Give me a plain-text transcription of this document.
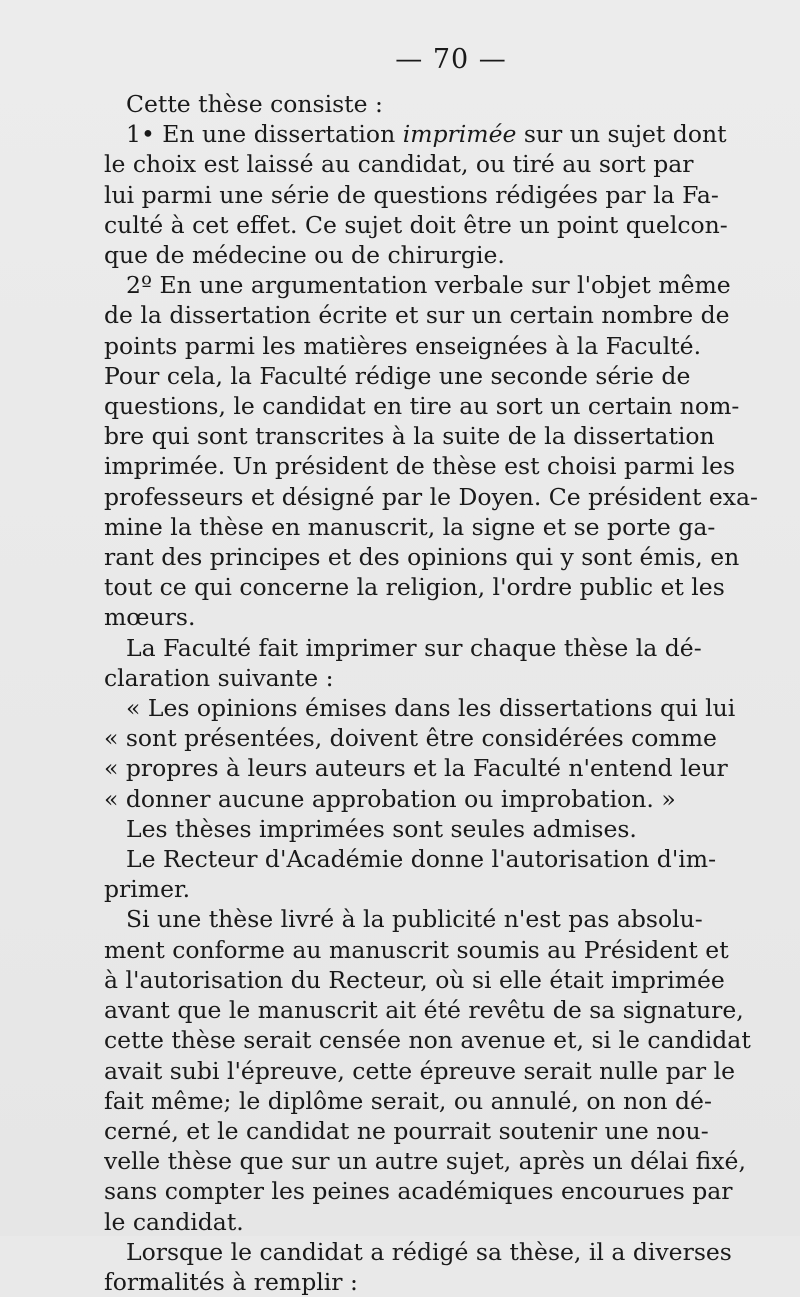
— 70 —
Cette thèse consiste :
1• En une dissertation imprimée sur un sujet dont
le choix est laissé au candidat, ou tiré au sort par
lui parmi une série de questions rédigées par la Fa-
culté à cet effet. Ce sujet doit être un point quelcon-
que de médecine ou de chirurgie.
2º En une argumentation verbale sur l'objet même
de la dissertation écrite et sur un certain nombre de
points parmi les matières enseignées à la Faculté.
Pour cela, la Faculté rédige une seconde série de
questions, le candidat en tire au sort un certain nom-
bre qui sont transcrites à la suite de la dissertation
imprimée. Un président de thèse est choisi parmi les
professeurs et désigné par le Doyen. Ce président exa-
mine la thèse en manuscrit, la signe et se porte ga-
rant des principes et des opinions qui y sont émis, en
tout ce qui concerne la religion, l'ordre public et les
mœurs.
La Faculté fait imprimer sur chaque thèse la dé-
claration suivante :
« Les opinions émises dans les dissertations qui lui
« sont présentées, doivent être considérées comme
« propres à leurs auteurs et la Faculté n'entend leur
« donner aucune approbation ou improbation. »
Les thèses imprimées sont seules admises.
Le Recteur d'Académie donne l'autorisation d'im-
primer.
Si une thèse livré à la publicité n'est pas absolu-
ment conforme au manuscrit soumis au Président et
à l'autorisation du Recteur, où si elle était imprimée
avant que le manuscrit ait été revêtu de sa signature,
cette thèse serait censée non avenue et, si le candidat
avait subi l'épreuve, cette épreuve serait nulle par le
fait même; le diplôme serait, ou annulé, on non dé-
cerné, et le candidat ne pourrait soutenir une nou-
velle thèse que sur un autre sujet, après un délai fixé,
sans compter les peines académiques encourues par
le candidat.
Lorsque le candidat a rédigé sa thèse, il a diverses
formalités à remplir :
